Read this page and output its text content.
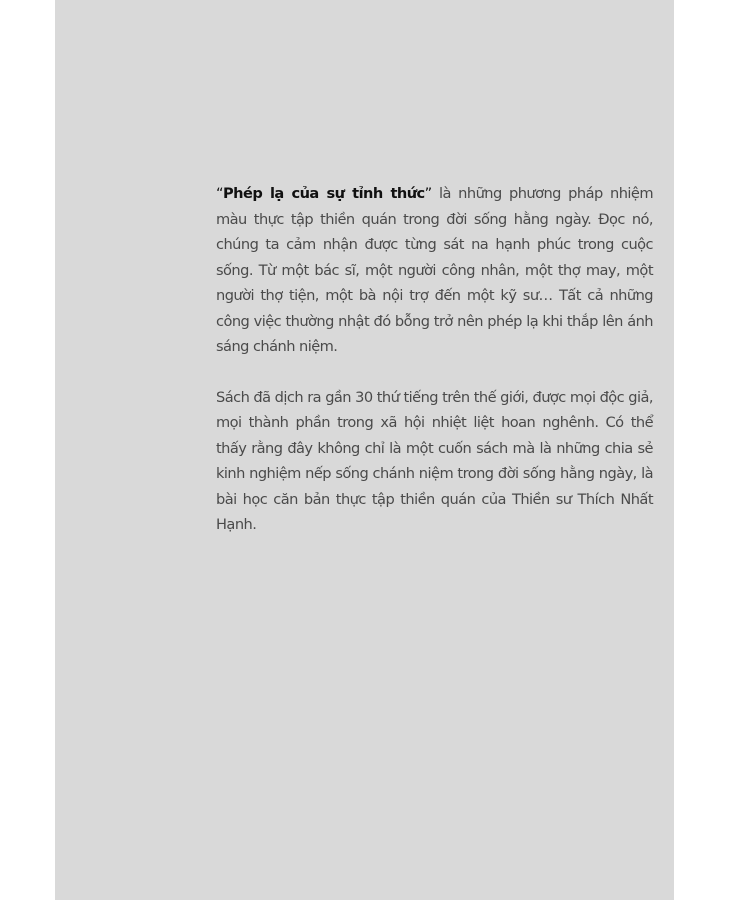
“Phép lạ của sự tỉnh thức” là những phương pháp nhiệm màu thực tập thiền quán trong đời sống hằng ngày. Đọc nó, chúng ta cảm nhận được từng sát na hạnh phúc trong cuộc sống. Từ một bác sĩ, một người công nhân, một thợ may, một người thợ tiện, một bà nội trợ đến một kỹ sư… Tất cả những công việc thường nhật đó bỗng trở nên phép lạ khi thắp lên ánh sáng chánh niệm.

Sách đã dịch ra gần 30 thứ tiếng trên thế giới, được mọi độc giả, mọi thành phần trong xã hội nhiệt liệt hoan nghênh. Có thể thấy rằng đây không chỉ là một cuốn sách mà là những chia sẻ kinh nghiệm nếp sống chánh niệm trong đời sống hằng ngày, là bài học căn bản thực tập thiền quán của Thiền sư Thích Nhất Hạnh.
